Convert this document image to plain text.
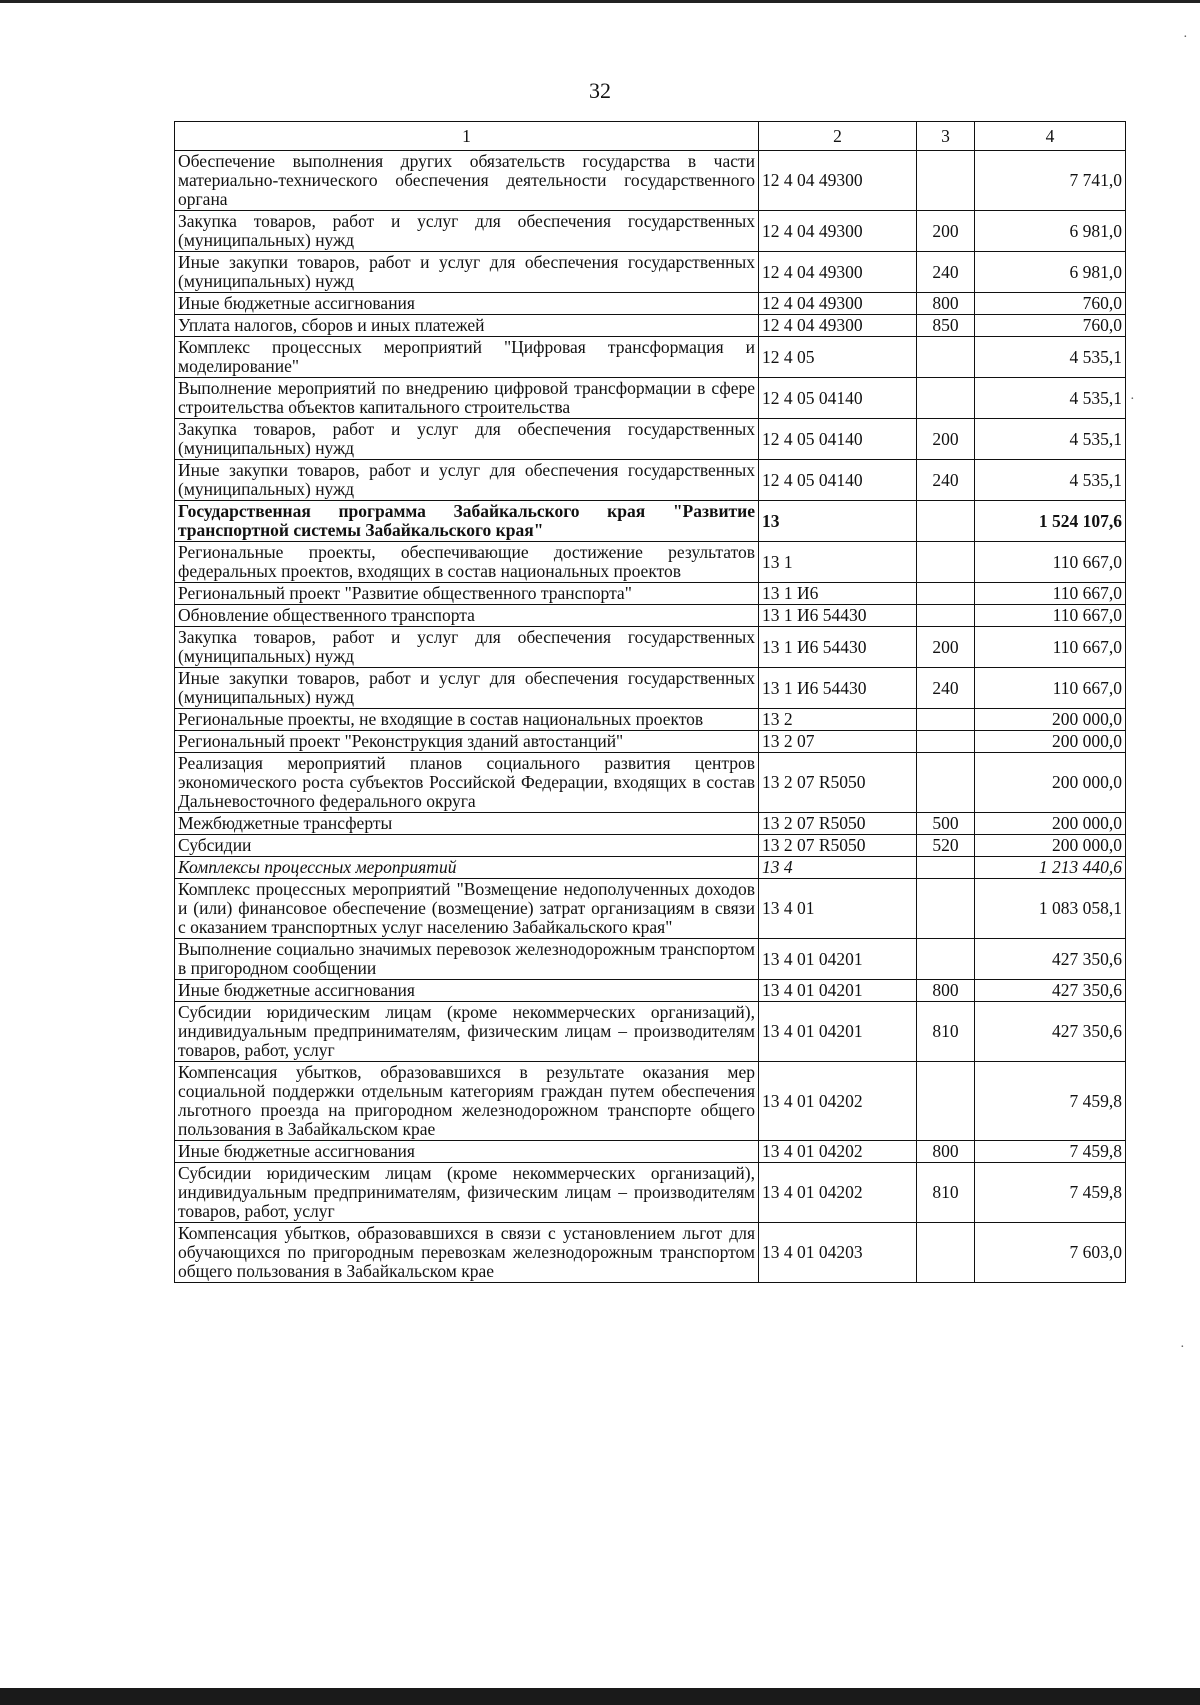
·
·
·
32
1	2	3	4
Обеспечение выполнения других обязательств государства в части материально-технического обеспечения деятельности государственного органа	12 4 04 49300		7 741,0
Закупка товаров, работ и услуг для обеспечения государственных (муниципальных) нужд	12 4 04 49300	200	6 981,0
Иные закупки товаров, работ и услуг для обеспечения государственных (муниципальных) нужд	12 4 04 49300	240	6 981,0
Иные бюджетные ассигнования	12 4 04 49300	800	760,0
Уплата налогов, сборов и иных платежей	12 4 04 49300	850	760,0
Комплекс процессных мероприятий "Цифровая трансформация и моделирование"	12 4 05		4 535,1
Выполнение мероприятий по внедрению цифровой трансформации в сфере строительства объектов капитального строительства	12 4 05 04140		4 535,1
Закупка товаров, работ и услуг для обеспечения государственных (муниципальных) нужд	12 4 05 04140	200	4 535,1
Иные закупки товаров, работ и услуг для обеспечения государственных (муниципальных) нужд	12 4 05 04140	240	4 535,1
Государственная программа Забайкальского края "Развитие транспортной системы Забайкальского края"	13		1 524 107,6
Региональные проекты, обеспечивающие достижение результатов федеральных проектов, входящих в состав национальных проектов	13 1		110 667,0
Региональный проект "Развитие общественного транспорта"	13 1 И6		110 667,0
Обновление общественного транспорта	13 1 И6 54430		110 667,0
Закупка товаров, работ и услуг для обеспечения государственных (муниципальных) нужд	13 1 И6 54430	200	110 667,0
Иные закупки товаров, работ и услуг для обеспечения государственных (муниципальных) нужд	13 1 И6 54430	240	110 667,0
Региональные проекты, не входящие в состав национальных проектов	13 2		200 000,0
Региональный проект "Реконструкция зданий автостанций"	13 2 07		200 000,0
Реализация мероприятий планов социального развития центров экономического роста субъектов Российской Федерации, входящих в состав Дальневосточного федерального округа	13 2 07 R5050		200 000,0
Межбюджетные трансферты	13 2 07 R5050	500	200 000,0
Субсидии	13 2 07 R5050	520	200 000,0
Комплексы процессных мероприятий	13 4		1 213 440,6
Комплекс процессных мероприятий "Возмещение недополученных доходов и (или) финансовое обеспечение (возмещение) затрат организациям в связи с оказанием транспортных услуг населению Забайкальского края"	13 4 01		1 083 058,1
Выполнение социально значимых перевозок железнодорожным транспортом в пригородном сообщении	13 4 01 04201		427 350,6
Иные бюджетные ассигнования	13 4 01 04201	800	427 350,6
Субсидии юридическим лицам (кроме некоммерческих организаций), индивидуальным предпринимателям, физическим лицам – производителям товаров, работ, услуг	13 4 01 04201	810	427 350,6
Компенсация убытков, образовавшихся в результате оказания мер социальной поддержки отдельным категориям граждан путем обеспечения льготного проезда на пригородном железнодорожном транспорте общего пользования в Забайкальском крае	13 4 01 04202		7 459,8
Иные бюджетные ассигнования	13 4 01 04202	800	7 459,8
Субсидии юридическим лицам (кроме некоммерческих организаций), индивидуальным предпринимателям, физическим лицам – производителям товаров, работ, услуг	13 4 01 04202	810	7 459,8
Компенсация убытков, образовавшихся в связи с установлением льгот для обучающихся по пригородным перевозкам железнодорожным транспортом общего пользования в Забайкальском крае	13 4 01 04203		7 603,0
